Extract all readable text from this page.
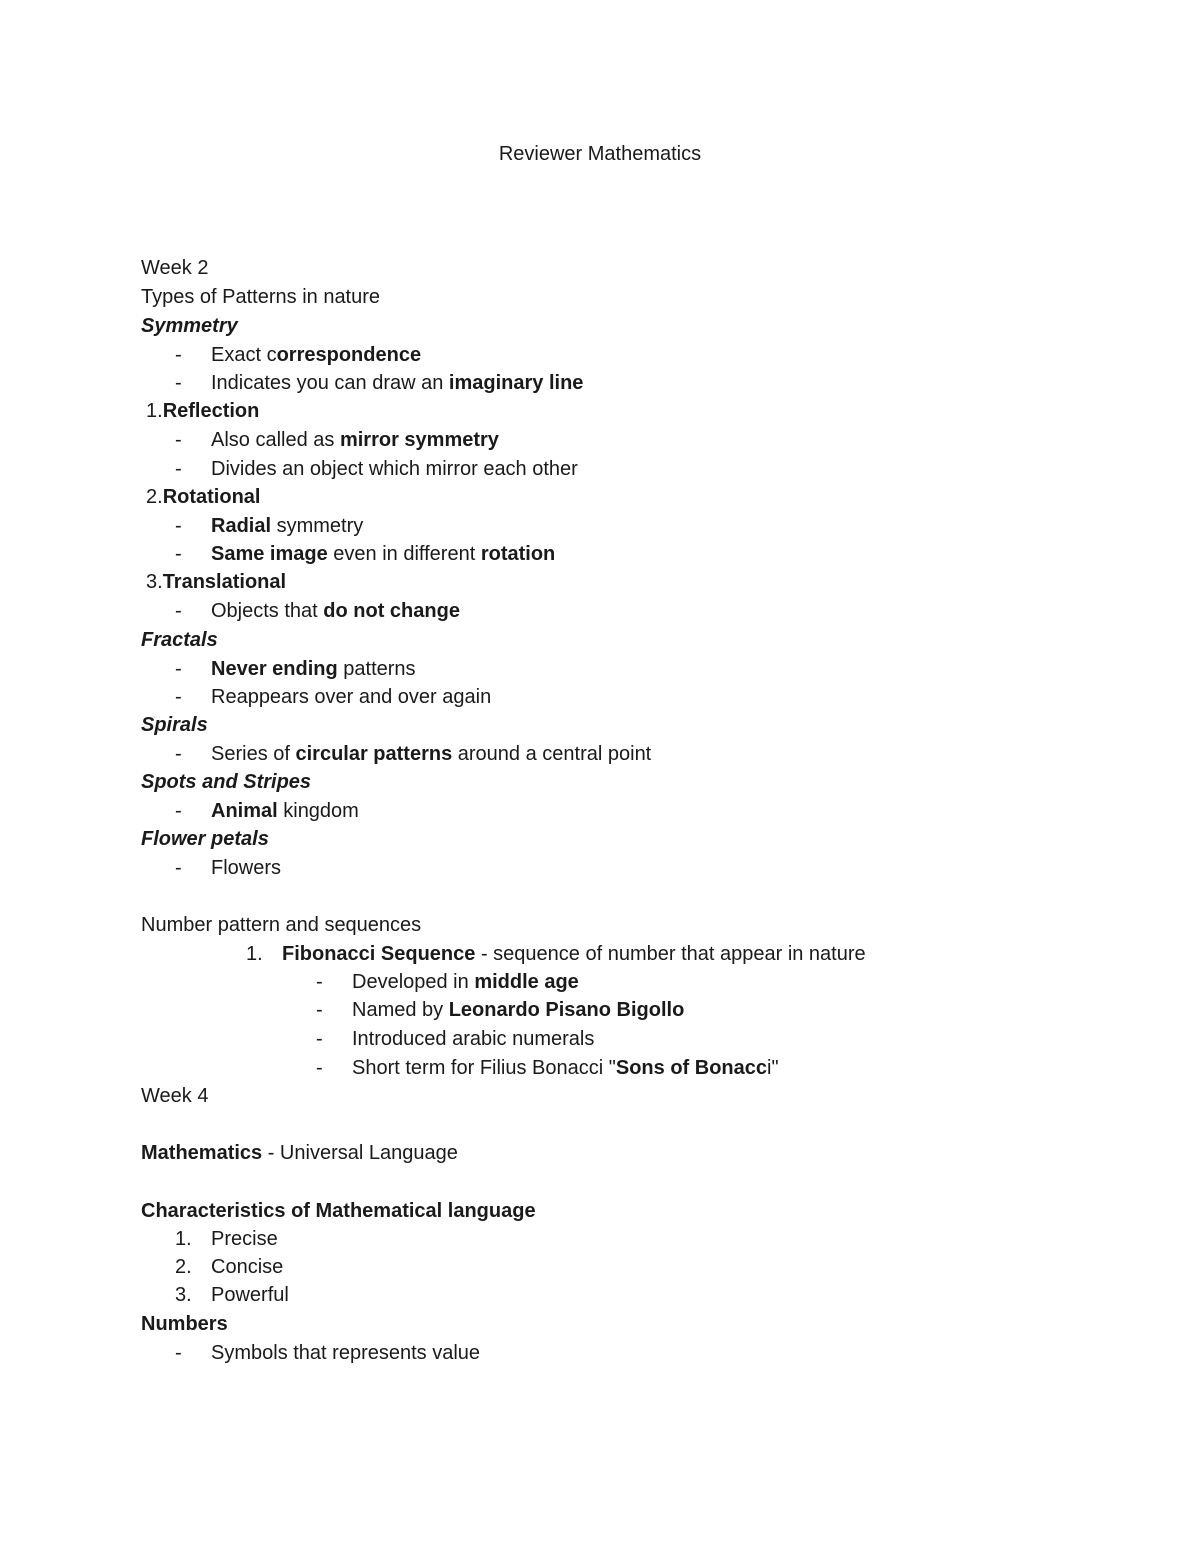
Reviewer Mathematics
Week 2
Types of Patterns in nature
Symmetry
- Exact correspondence
- Indicates you can draw an imaginary line
1.Reflection
- Also called as mirror symmetry
- Divides an object which mirror each other
2.Rotational
- Radial symmetry
- Same image even in different rotation
3.Translational
- Objects that do not change
Fractals
- Never ending patterns
- Reappears over and over again
Spirals
- Series of circular patterns around a central point
Spots and Stripes
- Animal kingdom
Flower petals
- Flowers
Number pattern and sequences
1. Fibonacci Sequence - sequence of number that appear in nature
- Developed in middle age
- Named by Leonardo Pisano Bigollo
- Introduced arabic numerals
- Short term for Filius Bonacci "Sons of Bonacci"
Week 4
Mathematics - Universal Language
Characteristics of Mathematical language
1. Precise
2. Concise
3. Powerful
Numbers
- Symbols that represents value
